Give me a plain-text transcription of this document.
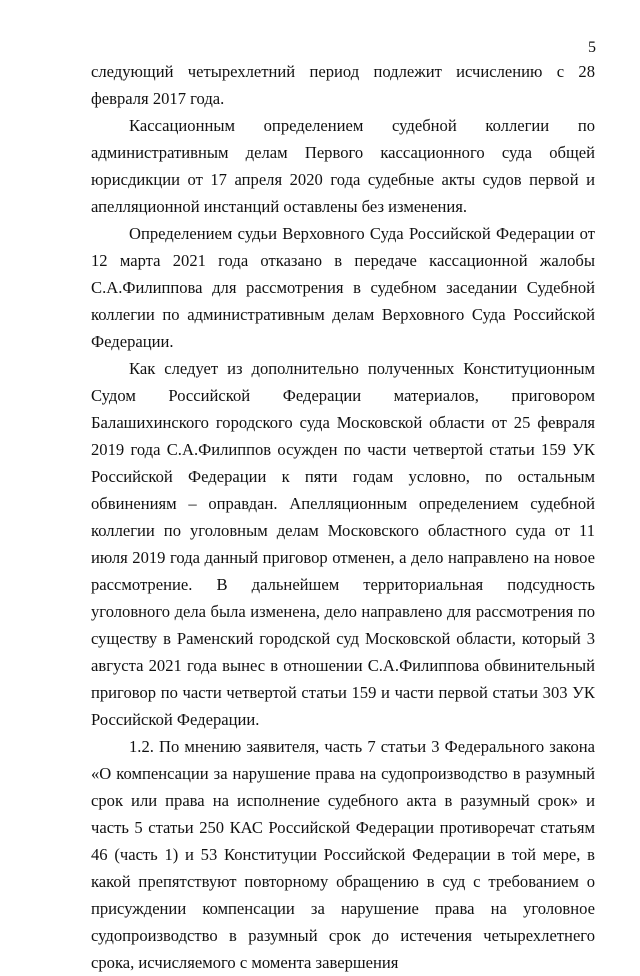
5

следующий четырехлетний период подлежит исчислению с 28 февраля 2017 года.

Кассационным определением судебной коллегии по административным делам Первого кассационного суда общей юрисдикции от 17 апреля 2020 года судебные акты судов первой и апелляционной инстанций оставлены без изменения.

Определением судьи Верховного Суда Российской Федерации от 12 марта 2021 года отказано в передаче кассационной жалобы С.А.Филиппова для рассмотрения в судебном заседании Судебной коллегии по административным делам Верховного Суда Российской Федерации.

Как следует из дополнительно полученных Конституционным Судом Российской Федерации материалов, приговором Балашихинского городского суда Московской области от 25 февраля 2019 года С.А.Филиппов осужден по части четвертой статьи 159 УК Российской Федерации к пяти годам условно, по остальным обвинениям – оправдан. Апелляционным определением судебной коллегии по уголовным делам Московского областного суда от 11 июля 2019 года данный приговор отменен, а дело направлено на новое рассмотрение. В дальнейшем территориальная подсудность уголовного дела была изменена, дело направлено для рассмотрения по существу в Раменский городской суд Московской области, который 3 августа 2021 года вынес в отношении С.А.Филиппова обвинительный приговор по части четвертой статьи 159 и части первой статьи 303 УК Российской Федерации.

1.2. По мнению заявителя, часть 7 статьи 3 Федерального закона «О компенсации за нарушение права на судопроизводство в разумный срок или права на исполнение судебного акта в разумный срок» и часть 5 статьи 250 КАС Российской Федерации противоречат статьям 46 (часть 1) и 53 Конституции Российской Федерации в той мере, в какой препятствуют повторному обращению в суд с требованием о присуждении компенсации за нарушение права на уголовное судопроизводство в разумный срок до истечения четырехлетнего срока, исчисляемого с момента завершения
